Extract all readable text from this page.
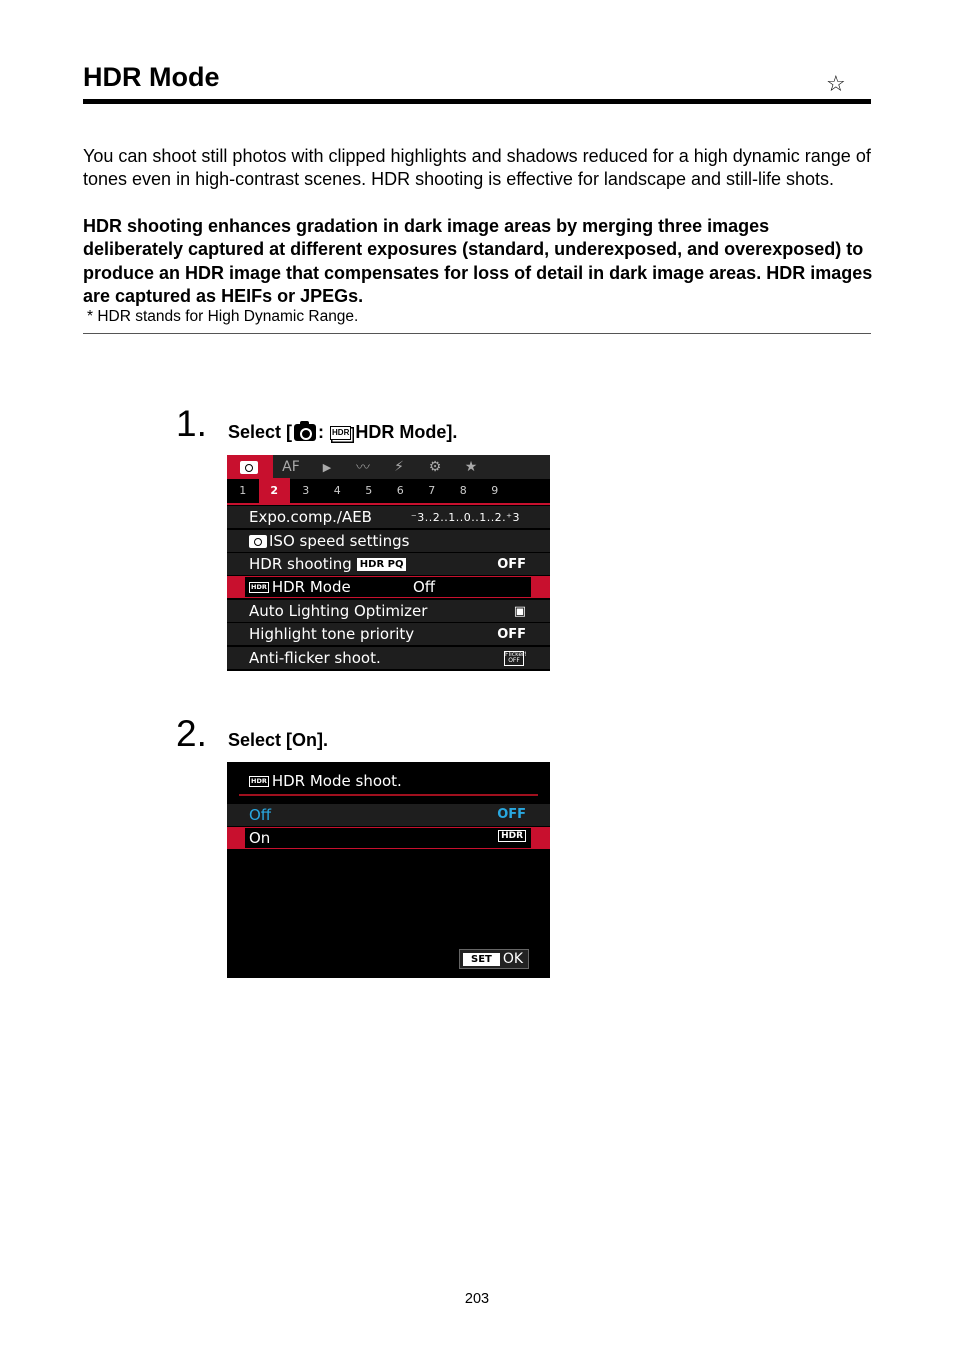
HDR Mode	☆
You can shoot still photos with clipped highlights and shadows reduced for a high dynamic range of tones even in high-contrast scenes. HDR shooting is effective for landscape and still-life shots.
HDR shooting enhances gradation in dark image areas by merging three images deliberately captured at different exposures (standard, underexposed, and overexposed) to produce an HDR image that compensates for loss of detail in dark image areas. HDR images are captured as HEIFs or JPEGs.
* HDR stands for High Dynamic Range.
1. Select [ : HDR HDR Mode].
AF	▶	〰	⚡	⚙	★
1	2	3	4	5	6	7	8	9
Expo.comp./AEB	⁻3..2..1..0..1..2.⁺3
ISO speed settings
HDR shooting HDR PQ	OFF
HDR HDR Mode	Off
Auto Lighting Optimizer	▣
Highlight tone priority	OFF
Anti-flicker shoot.	Flicker!
OFF
2. Select [On].
HDR HDR Mode shoot.
Off	OFF
On	HDR
SET OK
203
